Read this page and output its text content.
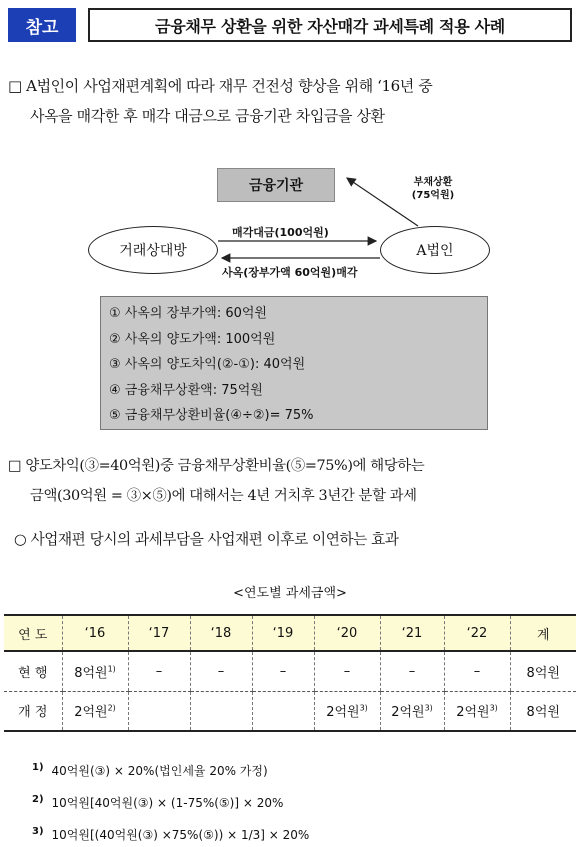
참고	금융채무 상환을 위한 자산매각 과세특례 적용 사례
□ A법인이 사업재편계획에 따라 재무 건전성 향상을 위해 ‘16년 중
사옥을 매각한 후 매각 대금으로 금융기관 차입금을 상환
금융기관
거래상대방	A법인
부채상환
(75억원)
매각대금(100억원)
사옥(장부가액 60억원)매각
① 사옥의 장부가액: 60억원
② 사옥의 양도가액: 100억원
③ 사옥의 양도차익(②-①): 40억원
④ 금융채무상환액: 75억원
⑤ 금융채무상환비율(④÷②)= 75%
□ 양도차익(③=40억원)중 금융채무상환비율(⑤=75%)에 해당하는
금액(30억원 = ③×⑤)에 대해서는 4년 거치후 3년간 분할 과세
○ 사업재편 당시의 과세부담을 사업재편 이후로 이연하는 효과
<연도별 과세금액>
연 도	‘16	‘17	‘18	‘19	‘20	‘21	‘22	계
현 행	8억원$^{1)}$	–	–	–	–	–	–	8억원
개 정	2억원$^{2)}$				2억원$^{3)}$	2억원$^{3)}$	2억원$^{3)}$	8억원
$^{1)}$ 40억원(③) × 20%(법인세율 20% 가정)
$^{2)}$ 10억원[40억원(③) × (1-75%(⑤)] × 20%
$^{3)}$ 10억원[(40억원(③) ×75%(⑤)) × 1/3] × 20%
